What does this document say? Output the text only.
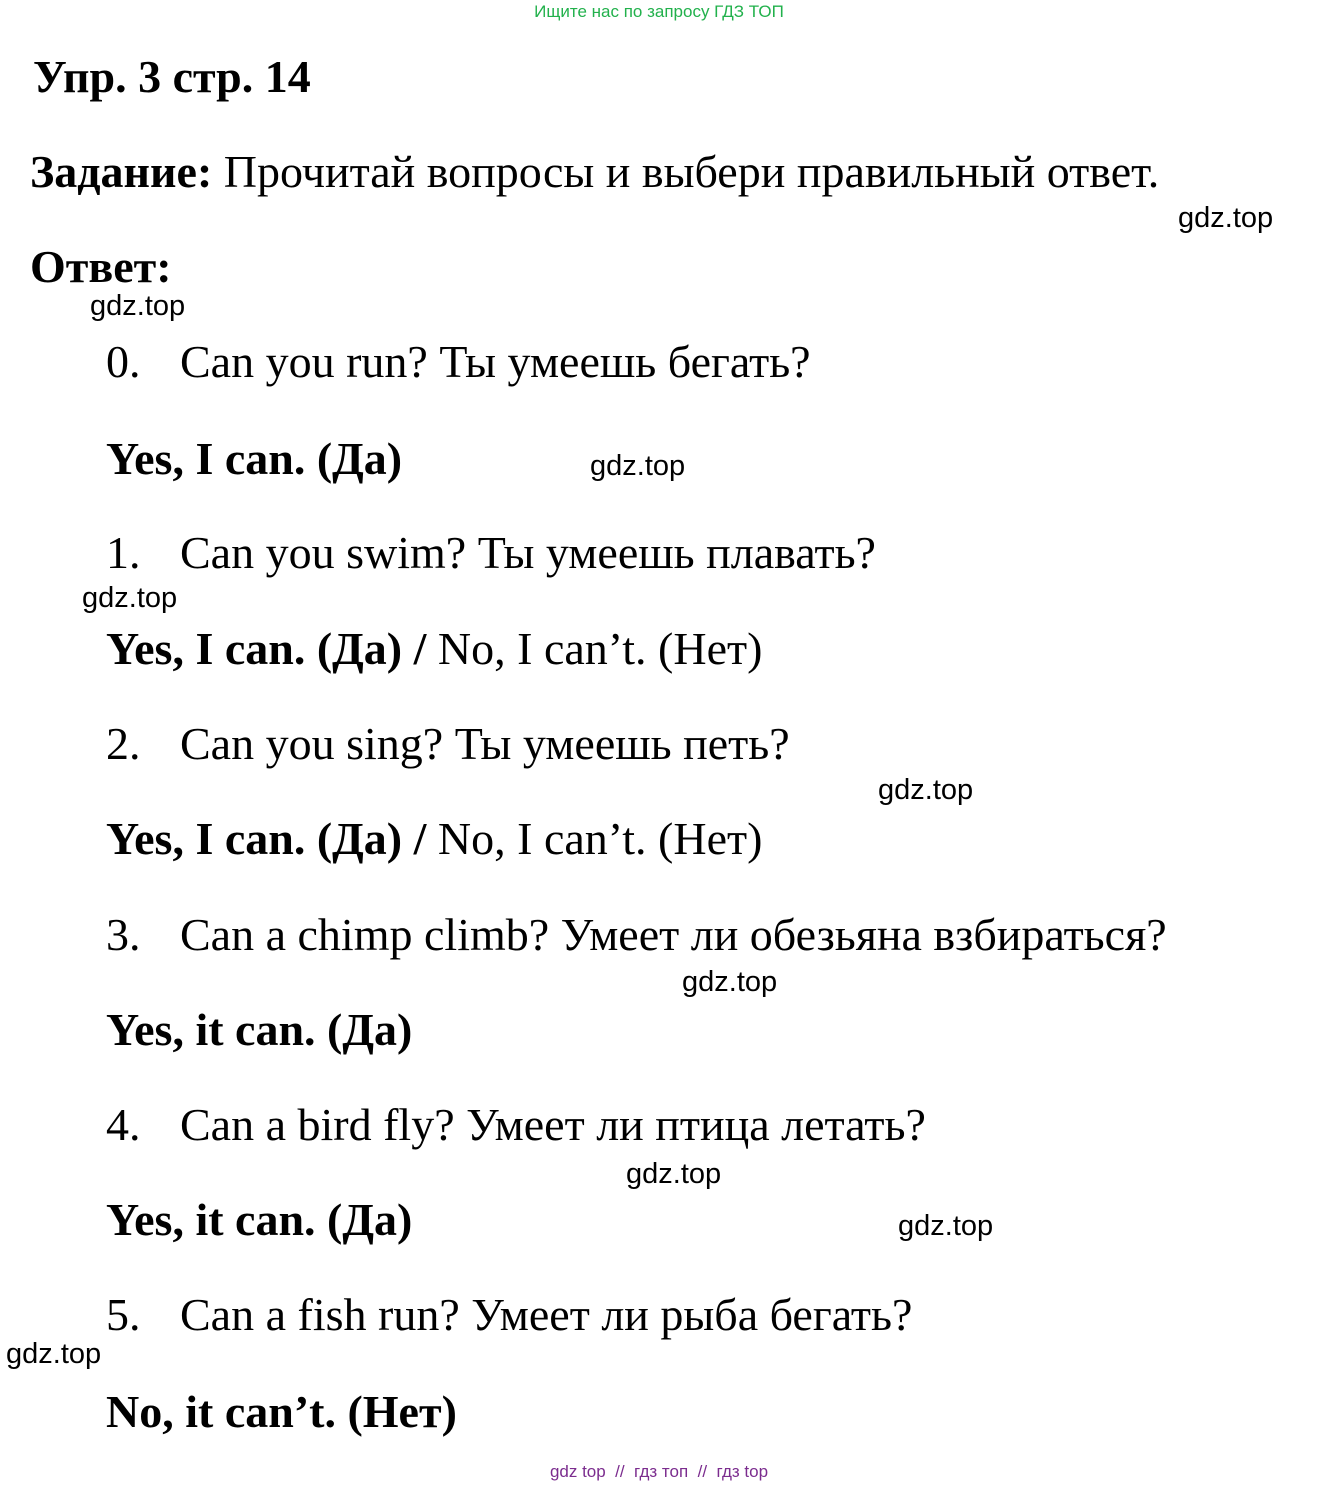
Ищите нас по запросу ГДЗ ТОП
Упр. 3 стр. 14
Задание: Прочитай вопросы и выбери правильный ответ.
Ответ:
0. Can you run? Ты умеешь бегать?
Yes, I can. (Да)
1. Can you swim? Ты умеешь плавать?
Yes, I can. (Да) / No, I can’t. (Нет)
2. Can you sing? Ты умеешь петь?
Yes, I can. (Да) / No, I can’t. (Нет)
3. Can a chimp climb? Умеет ли обезьяна взбираться?
Yes, it can. (Да)
4. Can a bird fly? Умеет ли птица летать?
Yes, it can. (Да)
5. Can a fish run? Умеет ли рыба бегать?
No, it can’t. (Нет)
gdz.top
gdz.top
gdz.top
gdz.top
gdz.top
gdz.top
gdz.top
gdz.top
gdz.top
gdz top  //  гдз топ  //  гдз top
